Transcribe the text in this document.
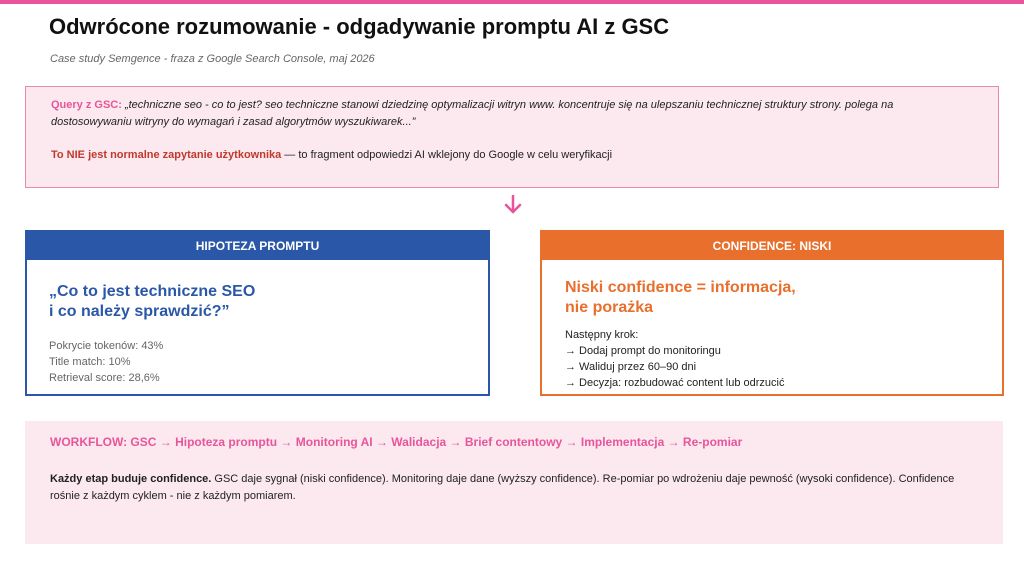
Odwrócone rozumowanie - odgadywanie promptu AI z GSC
Case study Semgence - fraza z Google Search Console, maj 2026
Query z GSC: „techniczne seo - co to jest? seo techniczne stanowi dziedzinę optymalizacji witryn www. koncentruje się na ulepszaniu technicznej struktury strony. polega na dostosowywaniu witryny do wymagań i zasad algorytmów wyszukiwarek...”
To NIE jest normalne zapytanie użytkownika — to fragment odpowiedzi AI wklejony do Google w celu weryfikacji
HIPOTEZA PROMPTU
„Co to jest techniczne SEO
i co należy sprawdzić?”
Pokrycie tokenów: 43%
Title match: 10%
Retrieval score: 28,6%
CONFIDENCE: NISKI
Niski confidence = informacja,
nie porażka
Następny krok:
→ Dodaj prompt do monitoringu
→ Waliduj przez 60–90 dni
→ Decyzja: rozbudować content lub odrzucić
WORKFLOW: GSC → Hipoteza promptu → Monitoring AI → Walidacja → Brief contentowy → Implementacja → Re-pomiar
Każdy etap buduje confidence. GSC daje sygnał (niski confidence). Monitoring daje dane (wyższy confidence). Re-pomiar po wdrożeniu daje pewność (wysoki confidence). Confidence rośnie z każdym cyklem - nie z każdym pomiarem.
